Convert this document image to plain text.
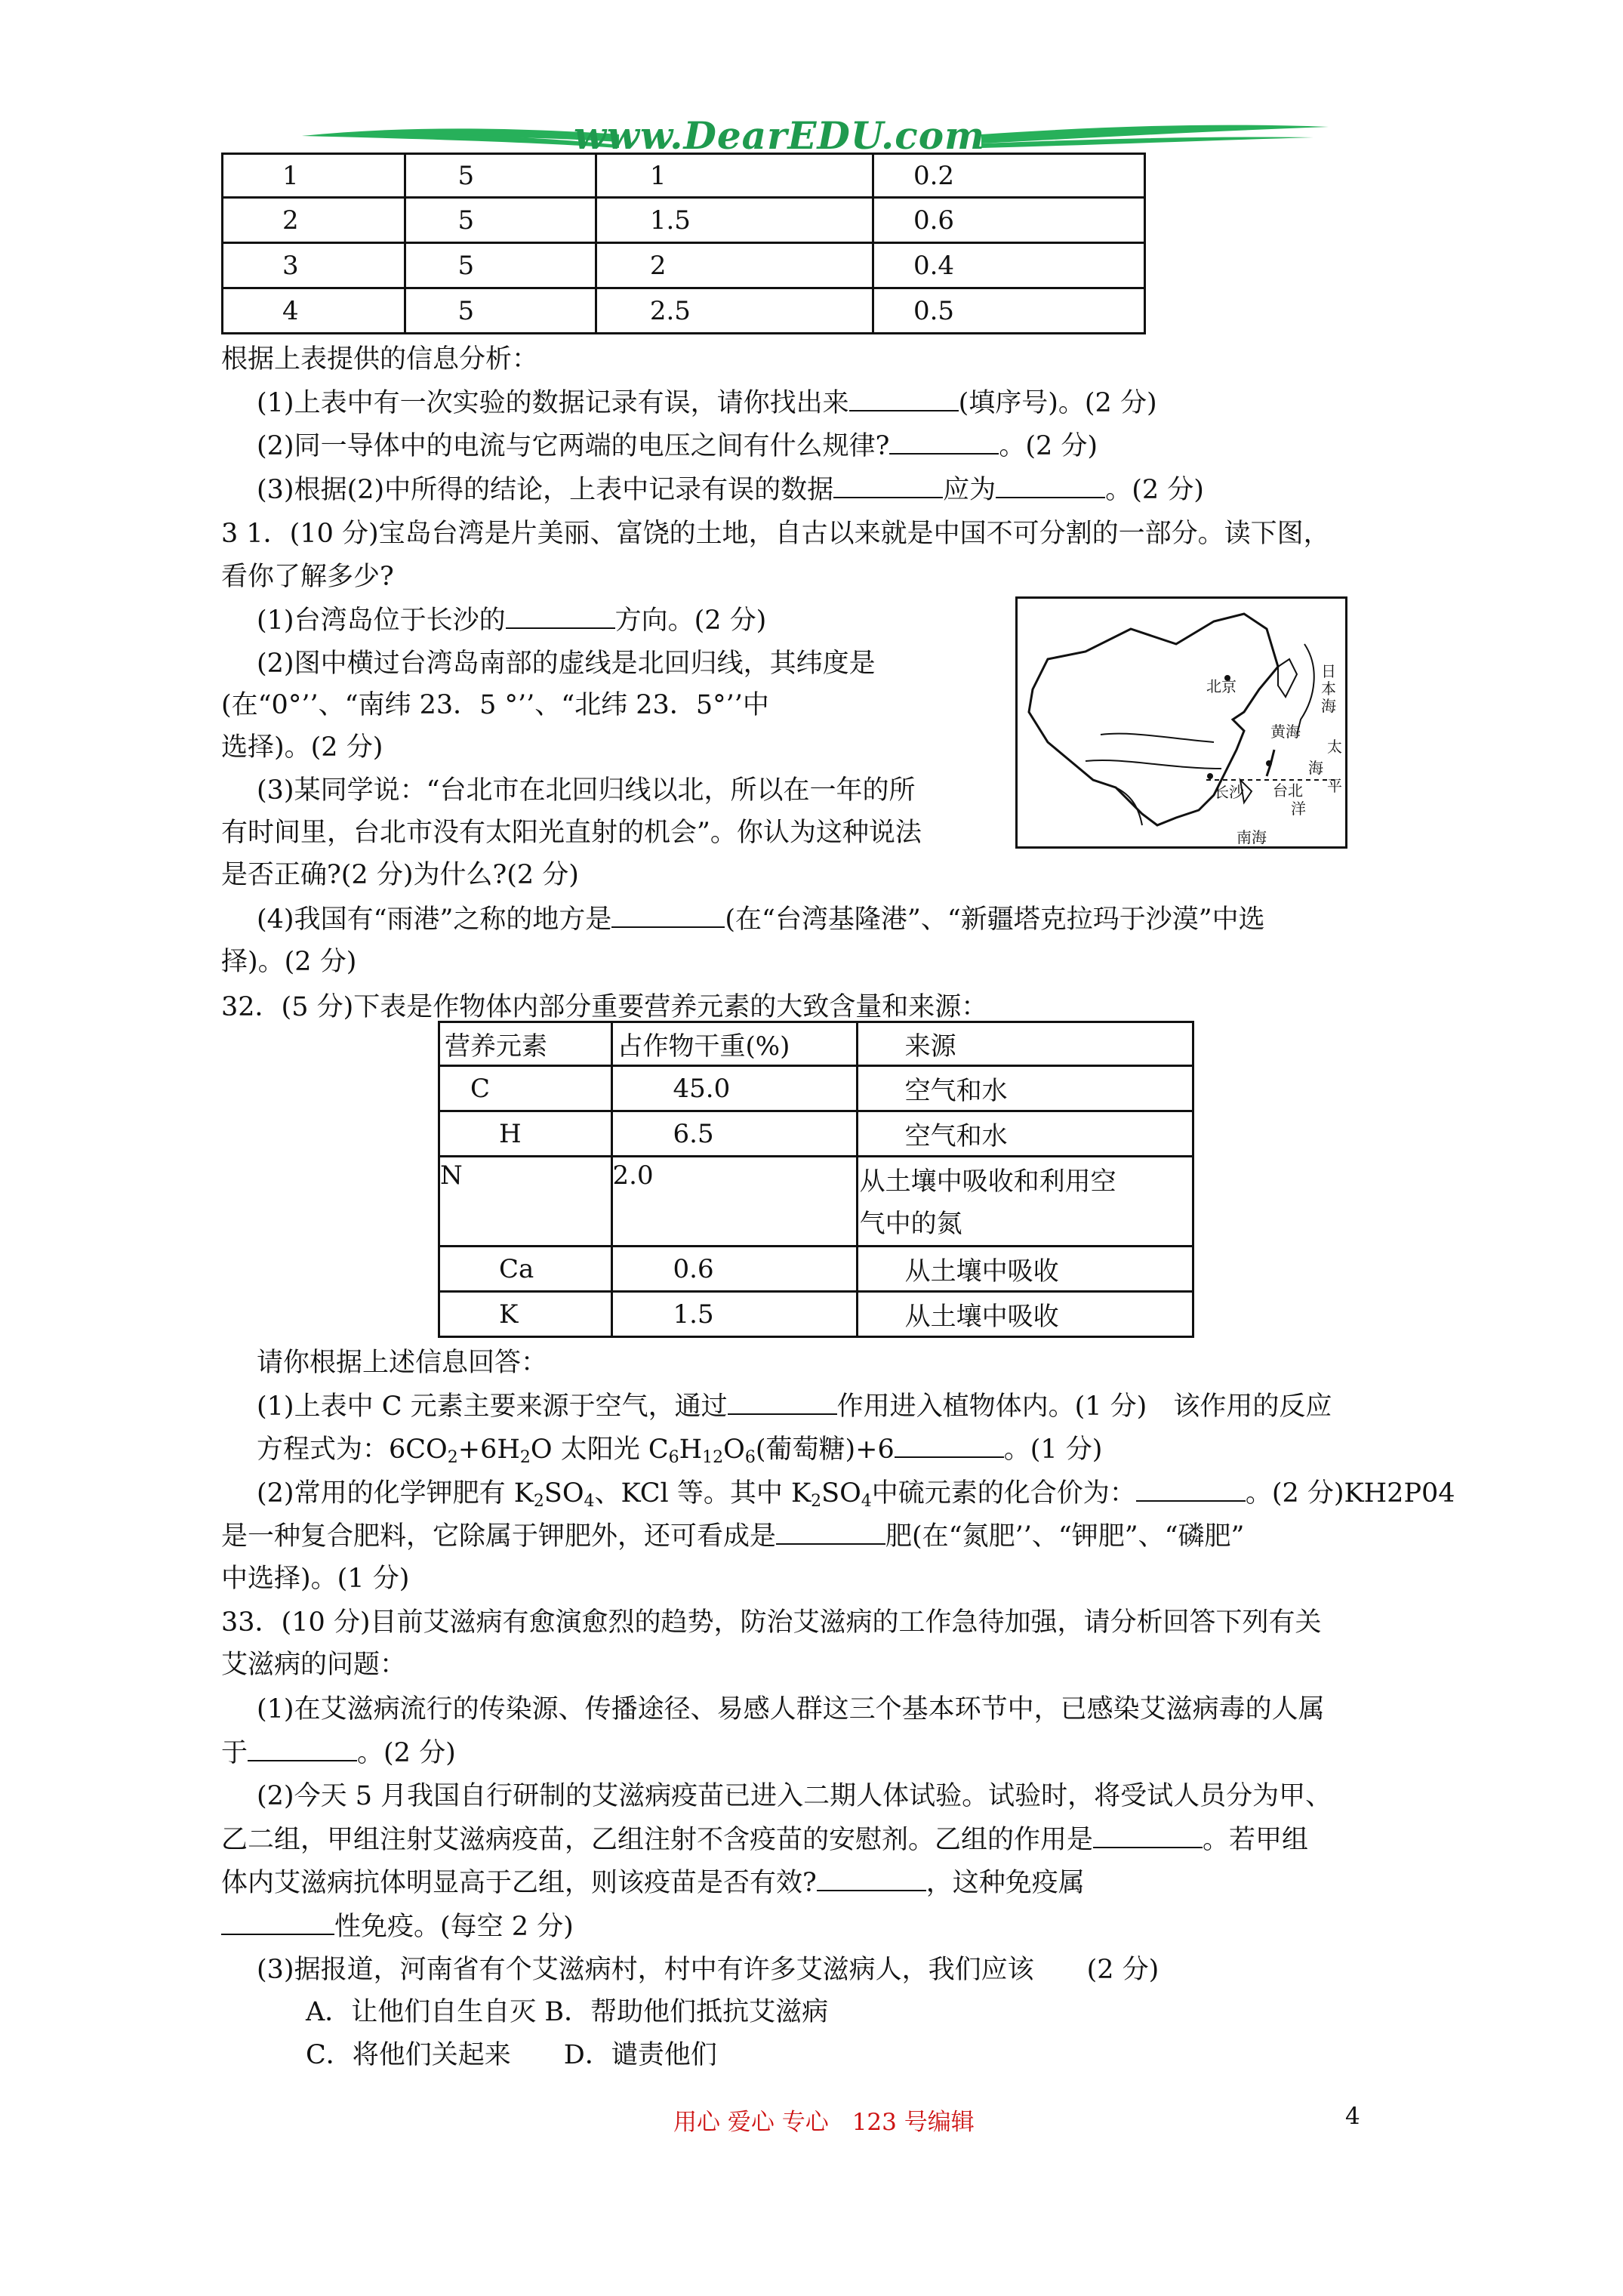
www.DearEDU.com
1	5	1	0.2
2	5	1.5	0.6
3	5	2	0.4
4	5	2.5	0.5
根据上表提供的信息分析：
(1)上表中有一次实验的数据记录有误，请你找出来	(填序号)。(2 分)
(2)同一导体中的电流与它两端的电压之间有什么规律?	。(2 分)
(3)根据(2)中所得的结论，上表中记录有误的数据	应为	。(2 分)
3 1．(10 分)宝岛台湾是片美丽、富饶的土地，自古以来就是中国不可分割的一部分。读下图，
看你了解多少?
(1)台湾岛位于长沙的	方向。(2 分)
(2)图中横过台湾岛南部的虚线是北回归线，其纬度是
(在“0°’’、“南纬 23．5 °’’、“北纬 23．5°’’中
选择)。(2 分)
(3)某同学说：“台北市在北回归线以北，所以在一年的所
有时间里，台北市没有太阳光直射的机会”。你认为这种说法
是否正确?(2 分)为什么?(2 分)
(4)我国有“雨港”之称的地方是	(在“台湾基隆港”、“新疆塔克拉玛于沙漠”中选
择)。(2 分)
北京
黄海
长沙 台北
南海
日
本
海
太
海
平
洋
32．(5 分)下表是作物体内部分重要营养元素的大致含量和来源：
营养元素	占作物干重(%)	来源
C	45.0	空气和水
H	6.5	空气和水
N	2.0	从土壤中吸收和利用空
气中的氮
Ca	0.6	从土壤中吸收
K	1.5	从土壤中吸收
请你根据上述信息回答：
(1)上表中 C 元素主要来源于空气，通过	作用进入植物体内。(1 分)　该作用的反应
方程式为：$6CO_2+6H_2O$ 太阳光 $C_6H_{12}O_6$(葡萄糖)+6	。(1 分)
(2)常用的化学钾肥有 $K_2SO_4$、KCl 等。其中 $K_2SO_4$中硫元素的化合价为：	。(2 分)KH2P04
是一种复合肥料，它除属于钾肥外，还可看成是	肥(在“氮肥’’、“钾肥”、“磷肥”
中选择)。(1 分)
33．(10 分)目前艾滋病有愈演愈烈的趋势，防治艾滋病的工作急待加强，请分析回答下列有关
艾滋病的问题：
(1)在艾滋病流行的传染源、传播途径、易感人群这三个基本环节中，已感染艾滋病毒的人属
于	。(2 分)
(2)今天 5 月我国自行研制的艾滋病疫苗已进入二期人体试验。试验时，将受试人员分为甲、
乙二组，甲组注射艾滋病疫苗，乙组注射不含疫苗的安慰剂。乙组的作用是	。若甲组
体内艾滋病抗体明显高于乙组，则该疫苗是否有效?	，这种免疫属
性免疫。(每空 2 分)
(3)据报道，河南省有个艾滋病村，村中有许多艾滋病人，我们应该　　(2 分)
A．让他们自生自灭 B．帮助他们抵抗艾滋病
C．将他们关起来　　D．谴责他们
用心 爱心 专心　123 号编辑	4
